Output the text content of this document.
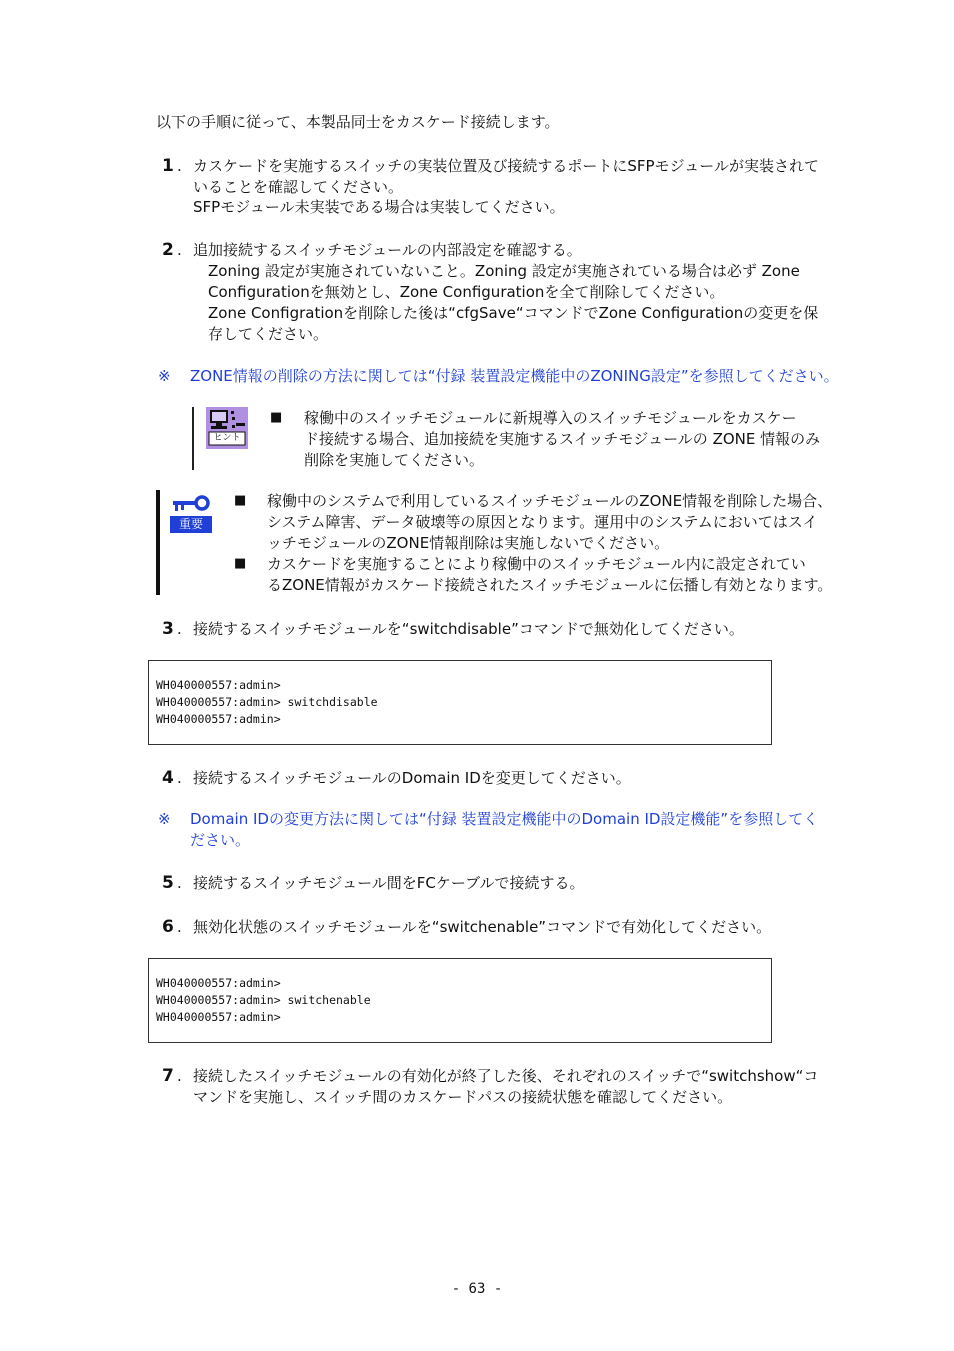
以下の手順に従って、本製品同士をカスケード接続します。
1 . カスケードを実施するスイッチの実装位置及び接続するポートにSFPモジュールが実装されて
いることを確認してください。
SFPモジュール未実装である場合は実装してください。
2 . 追加接続するスイッチモジュールの内部設定を確認する。
Zoning 設定が実施されていないこと。Zoning 設定が実施されている場合は必ず Zone
Configurationを無効とし、Zone Configurationを全て削除してください。
Zone Configrationを削除した後は“cfgSave“コマンドでZone Configurationの変更を保
存してください。
※ ZONE情報の削除の方法に関しては“付録 装置設定機能中のZONING設定”を参照してください。
ヒント
■ 稼働中のスイッチモジュールに新規導入のスイッチモジュールをカスケー
ド接続する場合、追加接続を実施するスイッチモジュールの ZONE 情報のみ
削除を実施してください。
重要
■ 稼働中のシステムで利用しているスイッチモジュールのZONE情報を削除した場合、
システム障害、データ破壊等の原因となります。運用中のシステムにおいてはスイ
ッチモジュールのZONE情報削除は実施しないでください。
■ カスケードを実施することにより稼働中のスイッチモジュール内に設定されてい
るZONE情報がカスケード接続されたスイッチモジュールに伝播し有効となります。
3 . 接続するスイッチモジュールを“switchdisable”コマンドで無効化してください。
WH040000557:admin>
WH040000557:admin> switchdisable
WH040000557:admin>
4 . 接続するスイッチモジュールのDomain IDを変更してください。
※ Domain IDの変更方法に関しては“付録 装置設定機能中のDomain ID設定機能”を参照してく
ださい。
5 . 接続するスイッチモジュール間をFCケーブルで接続する。
6 . 無効化状態のスイッチモジュールを“switchenable”コマンドで有効化してください。
WH040000557:admin>
WH040000557:admin> switchenable
WH040000557:admin>
7 . 接続したスイッチモジュールの有効化が終了した後、それぞれのスイッチで“switchshow“コ
マンドを実施し、スイッチ間のカスケードパスの接続状態を確認してください。
- 63 -
